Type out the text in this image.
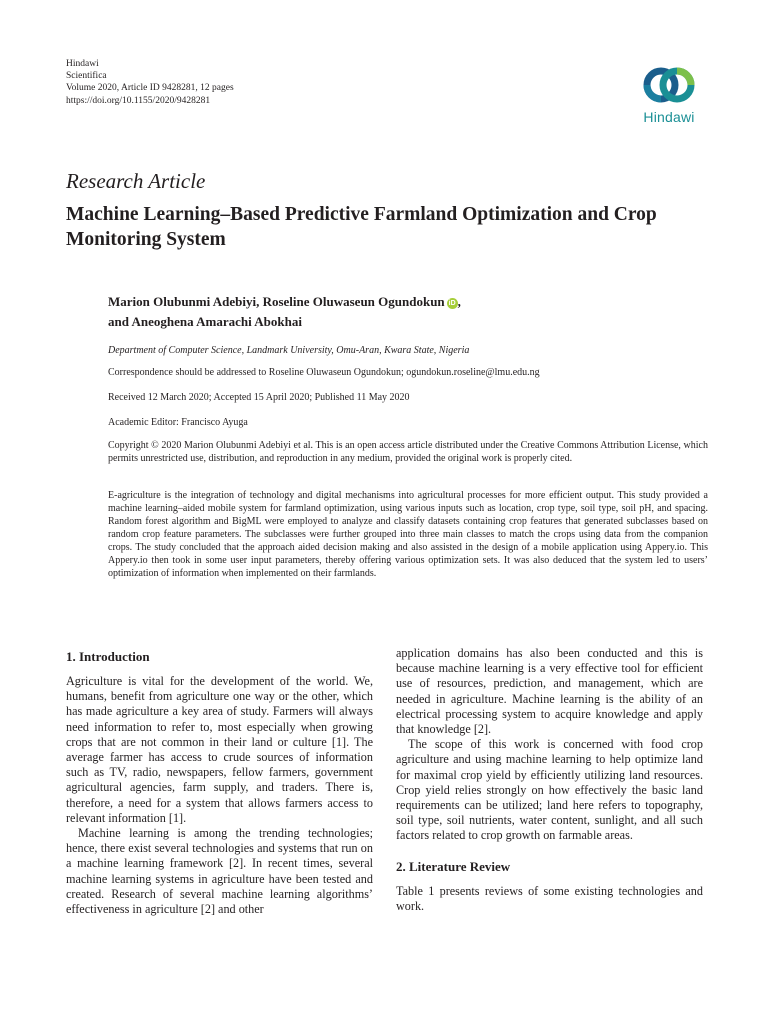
Hindawi
Scientifica
Volume 2020, Article ID 9428281, 12 pages
https://doi.org/10.1155/2020/9428281
Hindawi
Research Article
Machine Learning–Based Predictive Farmland Optimization and Crop Monitoring System
Marion Olubunmi Adebiyi, Roseline Oluwaseun Ogundokun iD ,
and Aneoghena Amarachi Abokhai
Department of Computer Science, Landmark University, Omu-Aran, Kwara State, Nigeria
Correspondence should be addressed to Roseline Oluwaseun Ogundokun; ogundokun.roseline@lmu.edu.ng
Received 12 March 2020; Accepted 15 April 2020; Published 11 May 2020
Academic Editor: Francisco Ayuga
Copyright © 2020 Marion Olubunmi Adebiyi et al. This is an open access article distributed under the Creative Commons Attribution License, which permits unrestricted use, distribution, and reproduction in any medium, provided the original work is properly cited.
E-agriculture is the integration of technology and digital mechanisms into agricultural processes for more efficient output. This study provided a machine learning–aided mobile system for farmland optimization, using various inputs such as location, crop type, soil type, soil pH, and spacing. Random forest algorithm and BigML were employed to analyze and classify datasets containing crop features that generated subclasses based on random crop feature parameters. The subclasses were further grouped into three main classes to match the crops using data from the companion crops. The study concluded that the approach aided decision making and also assisted in the design of a mobile application using Appery.io. This Appery.io then took in some user input parameters, thereby offering various optimization sets. It was also deduced that the system led to users’ optimization of information when implemented on their farmlands.
1. Introduction

Agriculture is vital for the development of the world. We, humans, benefit from agriculture one way or the other, which has made agriculture a key area of study. Farmers will always need information to refer to, most especially when growing crops that are not common in their land or culture [1]. The average farmer has access to crude sources of information such as TV, radio, newspapers, fellow farmers, government agricultural agencies, farm supply, and traders. There is, therefore, a need for a system that allows farmers access to relevant information [1].

Machine learning is among the trending technologies; hence, there exist several technologies and systems that run on a machine learning framework [2]. In recent times, several machine learning systems in agriculture have been tested and created. Research of several machine learning algorithms’ effectiveness in agriculture [2] and other

application domains has also been conducted and this is because machine learning is a very effective tool for efficient use of resources, prediction, and management, which are needed in agriculture. Machine learning is the ability of an electrical processing system to acquire knowledge and apply that knowledge [2].

The scope of this work is concerned with food crop agriculture and using machine learning to help optimize land for maximal crop yield by efficiently utilizing land resources. Crop yield relies strongly on how effectively the basic land requirements can be utilized; land here refers to topography, soil type, soil nutrients, water content, sunlight, and all such factors related to crop growth on farmable areas.

2. Literature Review

Table 1 presents reviews of some existing technologies and work.
